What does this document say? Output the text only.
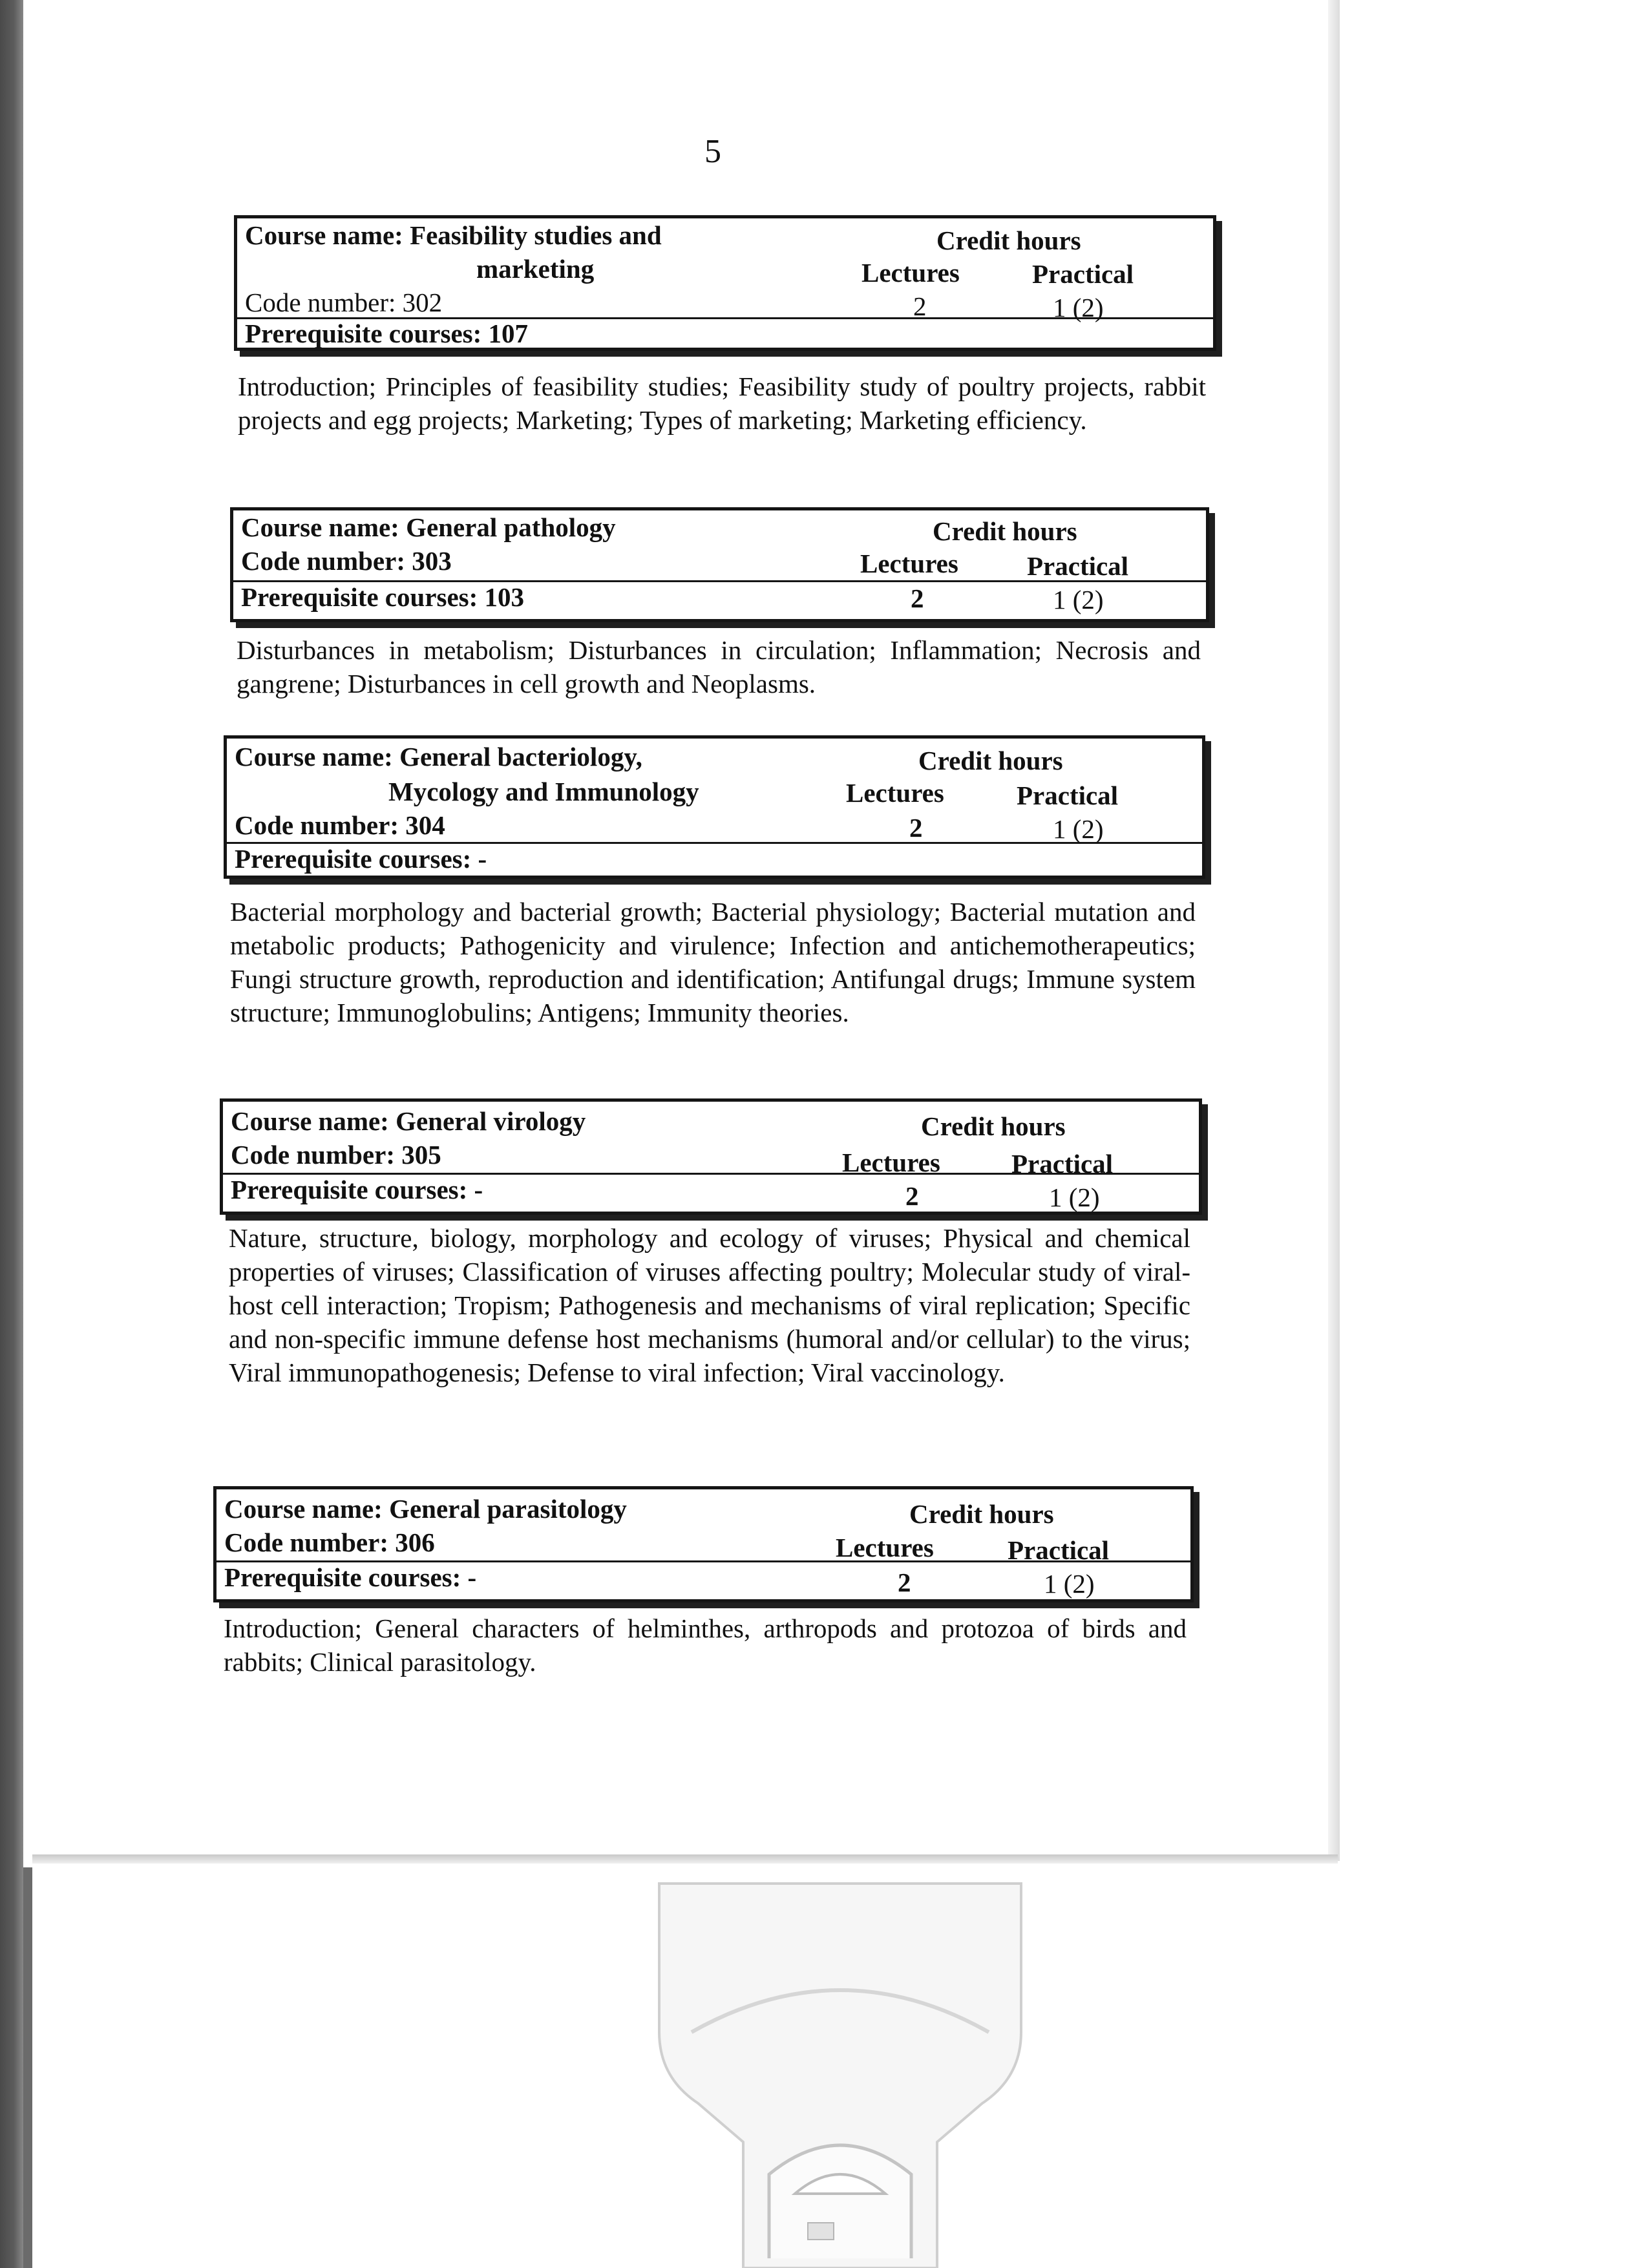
5
Course name: Feasibility studies and
marketing
Code number: 302
Prerequisite courses: 107
Credit hours
Lectures	Practical
2	1 (2)
Introduction; Principles of feasibility studies; Feasibility study of poultry projects, rabbit projects and egg projects; Marketing; Types of marketing; Marketing efficiency.
Course name: General pathology
Code number: 303
Prerequisite courses: 103
Credit hours
Lectures	Practical
2	1 (2)
Disturbances in metabolism; Disturbances in circulation; Inflammation; Necrosis and gangrene; Disturbances in cell growth and Neoplasms.
Course name: General bacteriology,
Mycology and Immunology
Code number: 304
Prerequisite courses: -
Credit hours
Lectures	Practical
2	1 (2)
Bacterial morphology and bacterial growth; Bacterial physiology; Bacterial mutation and metabolic products; Pathogenicity and virulence; Infection and antichemotherapeutics; Fungi structure growth, reproduction and identification; Antifungal drugs; Immune system structure; Immunoglobulins; Antigens; Immunity theories.
Course name: General virology
Code number: 305
Prerequisite courses: -
Credit hours
Lectures	Practical
2	1 (2)
Nature, structure, biology, morphology and ecology of viruses; Physical and chemical properties of viruses; Classification of viruses affecting poultry; Molecular study of viral-host cell interaction; Tropism; Pathogenesis and mechanisms of viral replication; Specific and non-specific immune defense host mechanisms (humoral and/or cellular) to the virus; Viral immunopathogenesis; Defense to viral infection; Viral vaccinology.
Course name: General parasitology
Code number: 306
Prerequisite courses: -
Credit hours
Lectures	Practical
2	1 (2)
Introduction; General characters of helminthes, arthropods and protozoa of birds and rabbits; Clinical parasitology.
